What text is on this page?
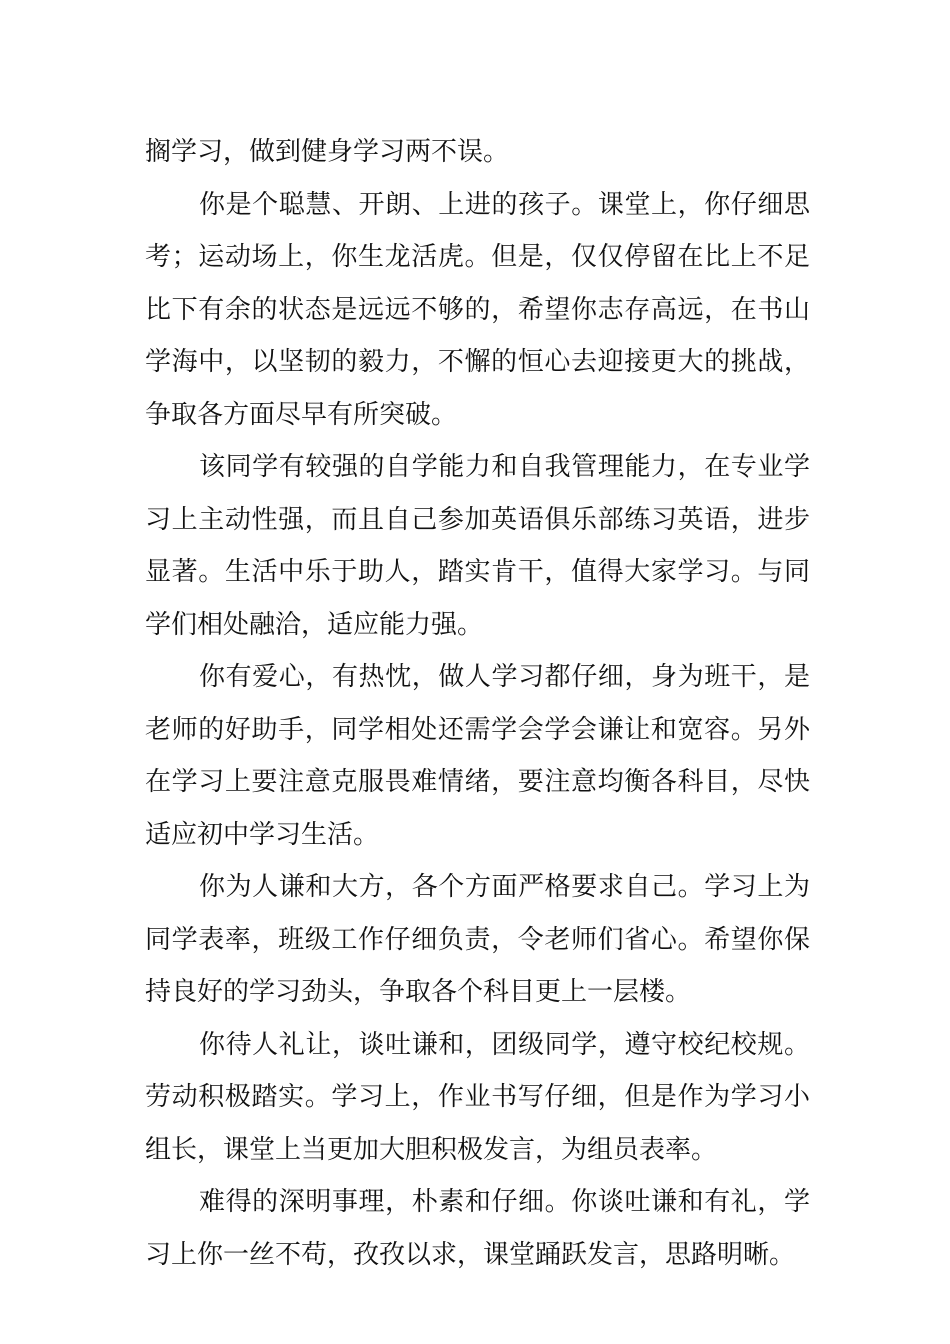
搁学习，做到健身学习两不误。

你是个聪慧、开朗、上进的孩子。课堂上，你仔细思考；运动场上，你生龙活虎。但是，仅仅停留在比上不足比下有余的状态是远远不够的，希望你志存高远，在书山学海中，以坚韧的毅力，不懈的恒心去迎接更大的挑战，争取各方面尽早有所突破。

该同学有较强的自学能力和自我管理能力，在专业学习上主动性强，而且自己参加英语俱乐部练习英语，进步显著。生活中乐于助人，踏实肯干，值得大家学习。与同学们相处融洽，适应能力强。

你有爱心，有热忱，做人学习都仔细，身为班干，是老师的好助手，同学相处还需学会学会谦让和宽容。另外在学习上要注意克服畏难情绪，要注意均衡各科目，尽快适应初中学习生活。

你为人谦和大方，各个方面严格要求自己。学习上为同学表率，班级工作仔细负责，令老师们省心。希望你保持良好的学习劲头，争取各个科目更上一层楼。

你待人礼让，谈吐谦和，团级同学，遵守校纪校规。劳动积极踏实。学习上，作业书写仔细，但是作为学习小组长，课堂上当更加大胆积极发言，为组员表率。

难得的深明事理，朴素和仔细。你谈吐谦和有礼，学习上你一丝不苟，孜孜以求，课堂踊跃发言，思路明晰。
